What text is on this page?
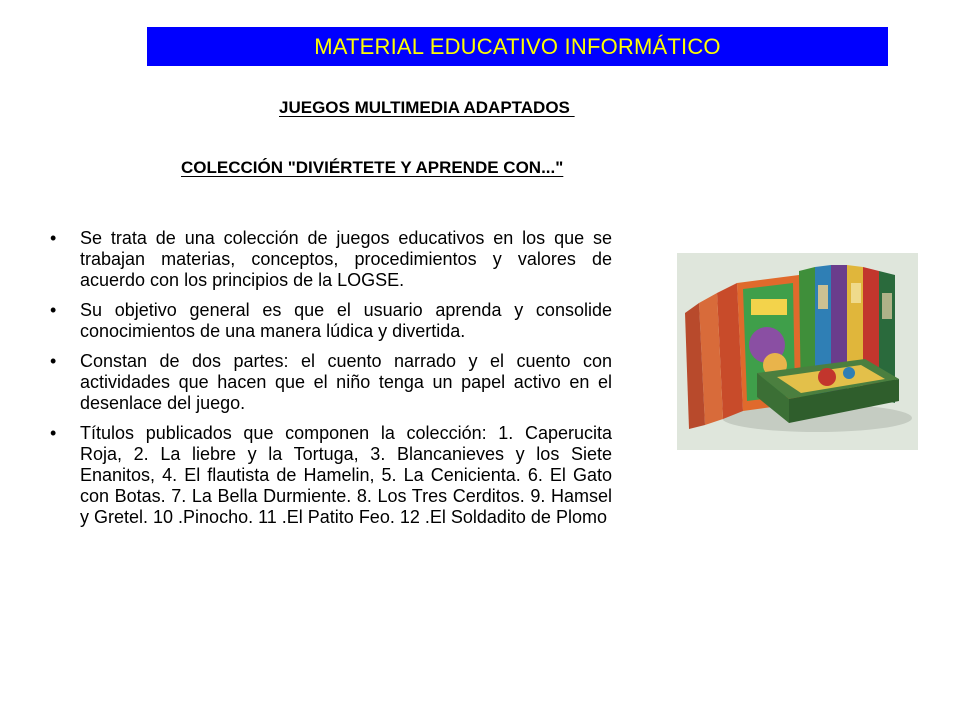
MATERIAL EDUCATIVO INFORMÁTICO
JUEGOS MULTIMEDIA ADAPTADOS
COLECCIÓN "DIVIÉRTETE Y APRENDE CON..."
•	Se trata de una colección de juegos educativos en los que se trabajan materias, conceptos, procedimientos y valores de acuerdo con los principios de la LOGSE.
•	Su objetivo general es que el usuario aprenda y consolide conocimientos de una manera lúdica y divertida.
•	Constan de dos partes: el cuento narrado y el cuento con actividades que hacen que el niño tenga un papel activo en el desenlace del juego.
•	Títulos publicados que componen la colección: 1. Caperucita Roja, 2. La liebre y la Tortuga, 3. Blancanieves y los Siete Enanitos, 4. El flautista de Hamelin, 5. La Cenicienta. 6. El Gato con Botas. 7. La Bella Durmiente. 8. Los Tres Cerditos. 9. Hamsel y Gretel. 10 .Pinocho. 11 .El Patito Feo. 12 .El Soldadito de Plomo
